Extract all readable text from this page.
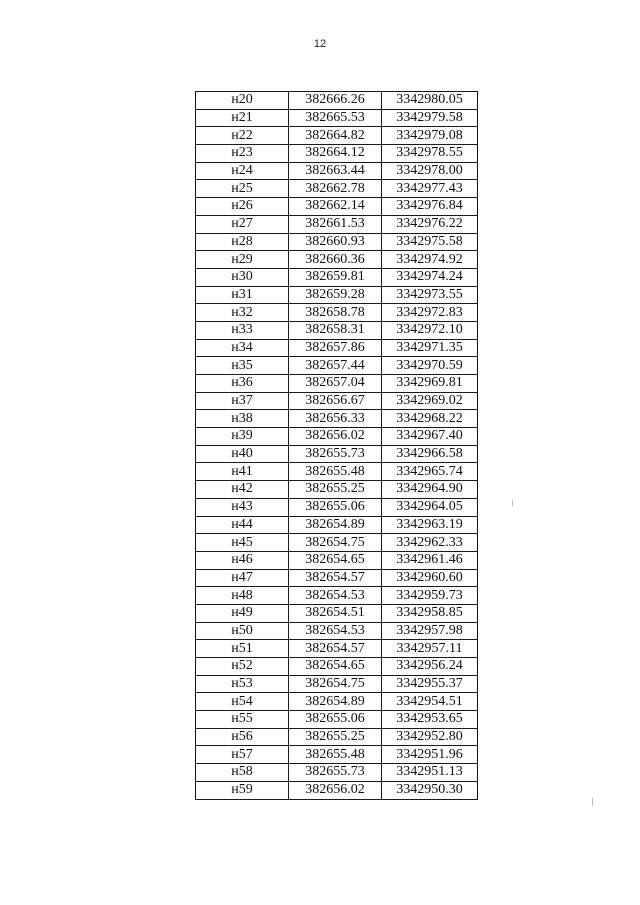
12
н20	382666.26	3342980.05
н21	382665.53	3342979.58
н22	382664.82	3342979.08
н23	382664.12	3342978.55
н24	382663.44	3342978.00
н25	382662.78	3342977.43
н26	382662.14	3342976.84
н27	382661.53	3342976.22
н28	382660.93	3342975.58
н29	382660.36	3342974.92
н30	382659.81	3342974.24
н31	382659.28	3342973.55
н32	382658.78	3342972.83
н33	382658.31	3342972.10
н34	382657.86	3342971.35
н35	382657.44	3342970.59
н36	382657.04	3342969.81
н37	382656.67	3342969.02
н38	382656.33	3342968.22
н39	382656.02	3342967.40
н40	382655.73	3342966.58
н41	382655.48	3342965.74
н42	382655.25	3342964.90
н43	382655.06	3342964.05
н44	382654.89	3342963.19
н45	382654.75	3342962.33
н46	382654.65	3342961.46
н47	382654.57	3342960.60
н48	382654.53	3342959.73
н49	382654.51	3342958.85
н50	382654.53	3342957.98
н51	382654.57	3342957.11
н52	382654.65	3342956.24
н53	382654.75	3342955.37
н54	382654.89	3342954.51
н55	382655.06	3342953.65
н56	382655.25	3342952.80
н57	382655.48	3342951.96
н58	382655.73	3342951.13
н59	382656.02	3342950.30
